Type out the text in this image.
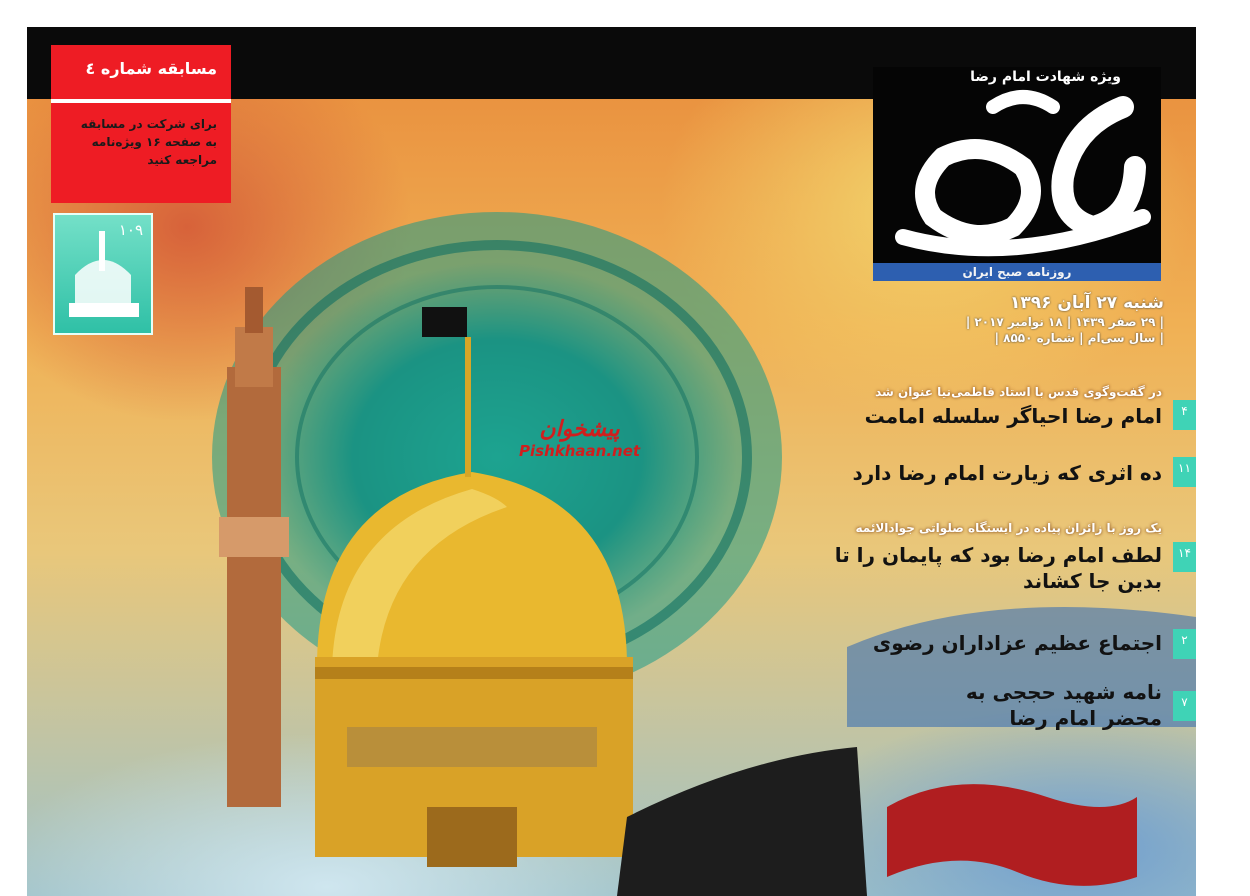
مسابقه شماره ٤
برای شرکت در مسابقه به صفحه ۱۶ ویژه‌نامه مراجعه کنید
۱۰۹
ویژه شهادت امام رضا
روزنامه صبح ایران
شنبه ۲۷ آبان ۱۳۹۶
| ۲۹ صفر ۱۴۳۹ | ۱۸ نوامبر ۲۰۱۷ |
| سال سی‌ام | شماره ۸۵۵۰ |
پیشخوان
Pishkhaan.net
در گفت‌وگوی قدس با استاد فاطمی‌نیا عنوان شد
۴
امام رضا احیاگر سلسله امامت
۱۱
ده اثری که زیارت امام رضا دارد
یک روز با زائران پیاده در ایستگاه صلواتی جوادالائمه
۱۴
لطف امام رضا بود که پایمان را تا بدین جا کشاند
۲
اجتماع عظیم عزاداران رضوی
۷
نامه شهید حججی به محضر امام رضا
